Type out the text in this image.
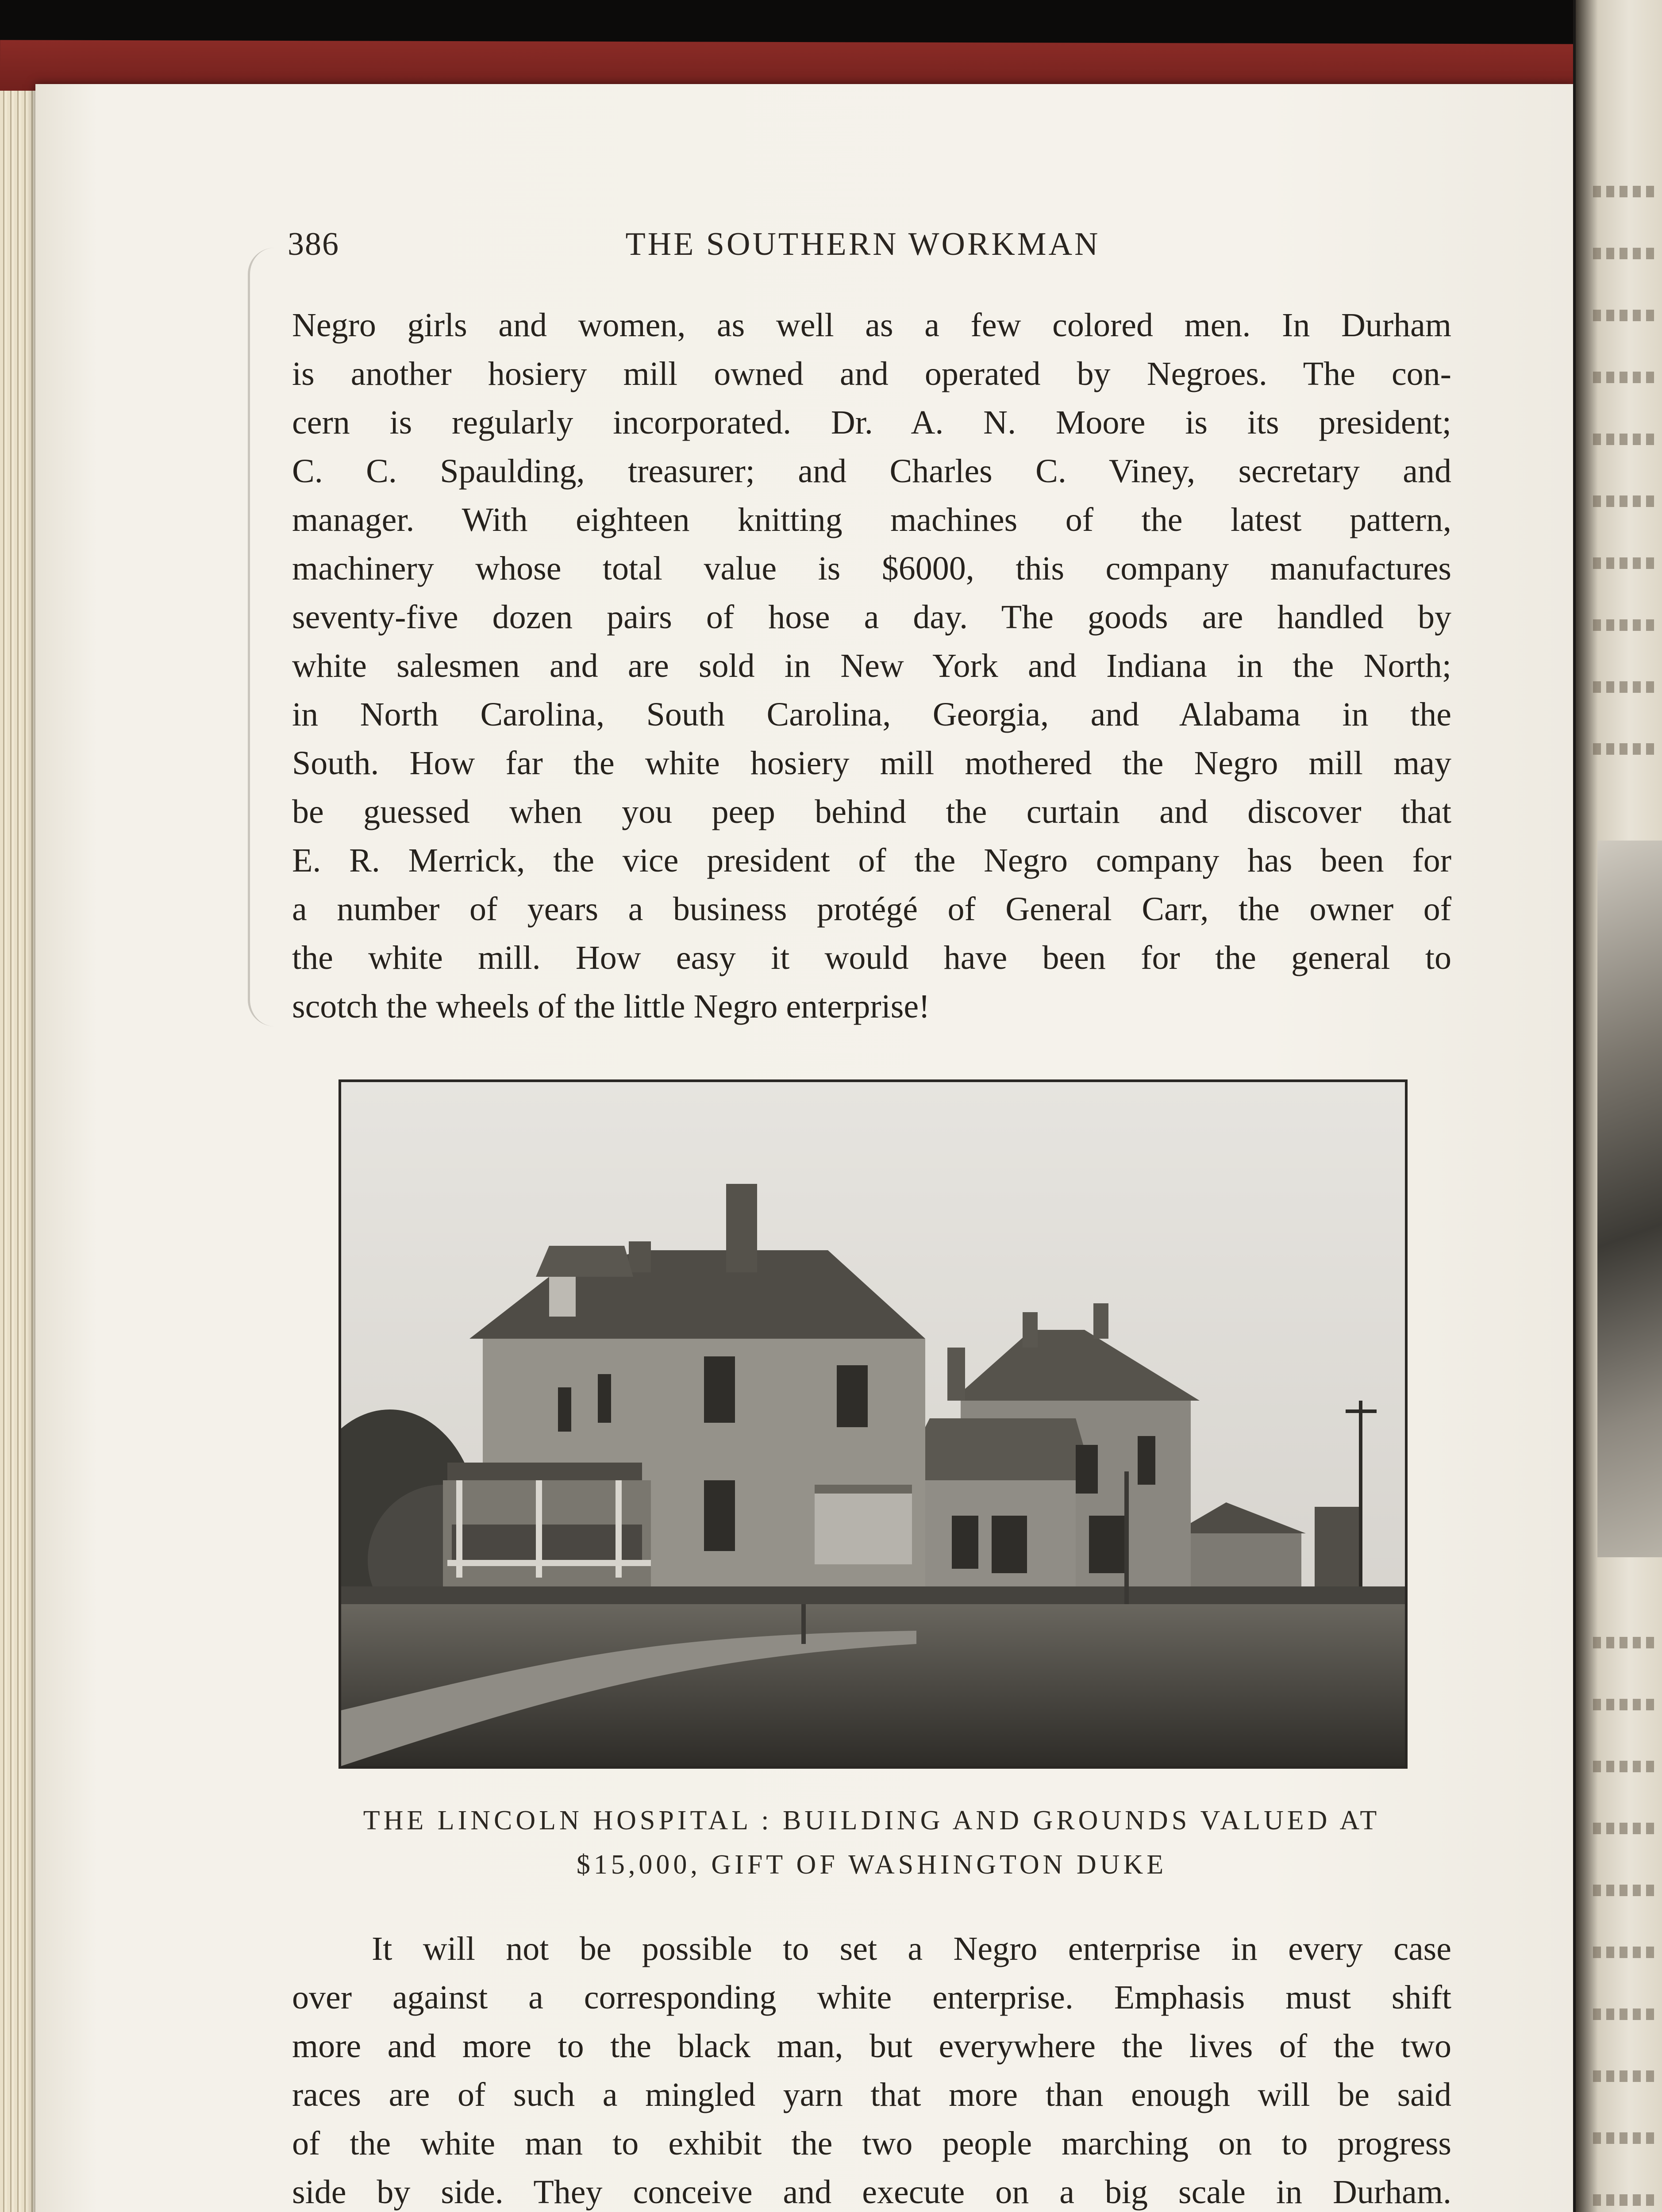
386	THE SOUTHERN WORKMAN
Negro girls and women, as well as a few colored men. In Durham
is another hosiery mill owned and operated by Negroes. The con-
cern is regularly incorporated. Dr. A. N. Moore is its president;
C. C. Spaulding, treasurer; and Charles C. Viney, secretary and
manager. With eighteen knitting machines of the latest pattern,
machinery whose total value is $6000, this company manufactures
seventy-five dozen pairs of hose a day. The goods are handled by
white salesmen and are sold in New York and Indiana in the North;
in North Carolina, South Carolina, Georgia, and Alabama in the
South. How far the white hosiery mill mothered the Negro mill may
be guessed when you peep behind the curtain and discover that
E. R. Merrick, the vice president of the Negro company has been for
a number of years a business protégé of General Carr, the owner of
the white mill. How easy it would have been for the general to
scotch the wheels of the little Negro enterprise!
THE LINCOLN HOSPITAL : BUILDING AND GROUNDS VALUED AT
$15,000, GIFT OF WASHINGTON DUKE
It will not be possible to set a Negro enterprise in every case
over against a corresponding white enterprise. Emphasis must shift
more and more to the black man, but everywhere the lives of the two
races are of such a mingled yarn that more than enough will be said
of the white man to exhibit the two people marching on to progress
side by side. They conceive and execute on a big scale in Durham.
